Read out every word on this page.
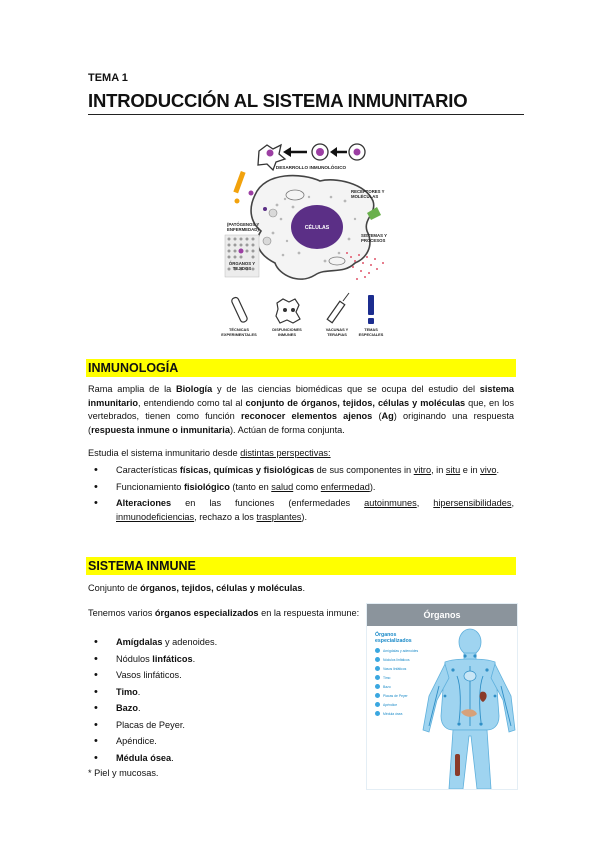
TEMA 1
INTRODUCCIÓN AL SISTEMA INMUNITARIO
DESARROLLO INMUNOLÓGICO
CÉLULAS
RECEPTORES Y
MOLÉCULAS
(PATÓGENOS Y
ENFERMEDAD)
ÓRGANOS Y
TEJIDOS
SISTEMAS Y
PROCESOS
TÉCNICAS
EXPERIMENTALES
DISFUNCIONES
INMUNES
VACUNAS Y
TERAPIAS
TEMAS
ESPECIALES
INMUNOLOGÍA
Rama amplia de la Biología y de las ciencias biomédicas que se ocupa del estudio del sistema inmunitario, entendiendo como tal al conjunto de órganos, tejidos, células y moléculas que, en los vertebrados, tienen como función reconocer elementos ajenos (Ag) originando una respuesta (respuesta inmune o inmunitaria). Actúan de forma conjunta.
Estudia el sistema inmunitario desde distintas perspectivas:
• Características físicas, químicas y fisiológicas de sus componentes in vitro, in situ e in vivo.
• Funcionamiento fisiológico (tanto en salud como enfermedad).
• Alteraciones en las funciones (enfermedades autoinmunes, hipersensibilidades, inmunodeficiencias, rechazo a los trasplantes).
SISTEMA INMUNE
Conjunto de órganos, tejidos, células y moléculas.
Tenemos varios órganos especializados en la respuesta inmune:
• Amígdalas y adenoides.
• Nódulos linfáticos.
• Vasos linfáticos.
• Timo.
• Bazo.
• Placas de Peyer.
• Apéndice.
• Médula ósea.
* Piel y mucosas.
Órganos
Órganos especializados
Amígdalas y adenoides
Nódulos linfáticos
Vasos linfáticos
Timo
Bazo
Placas de Peyer
Apéndice
Médula ósea
